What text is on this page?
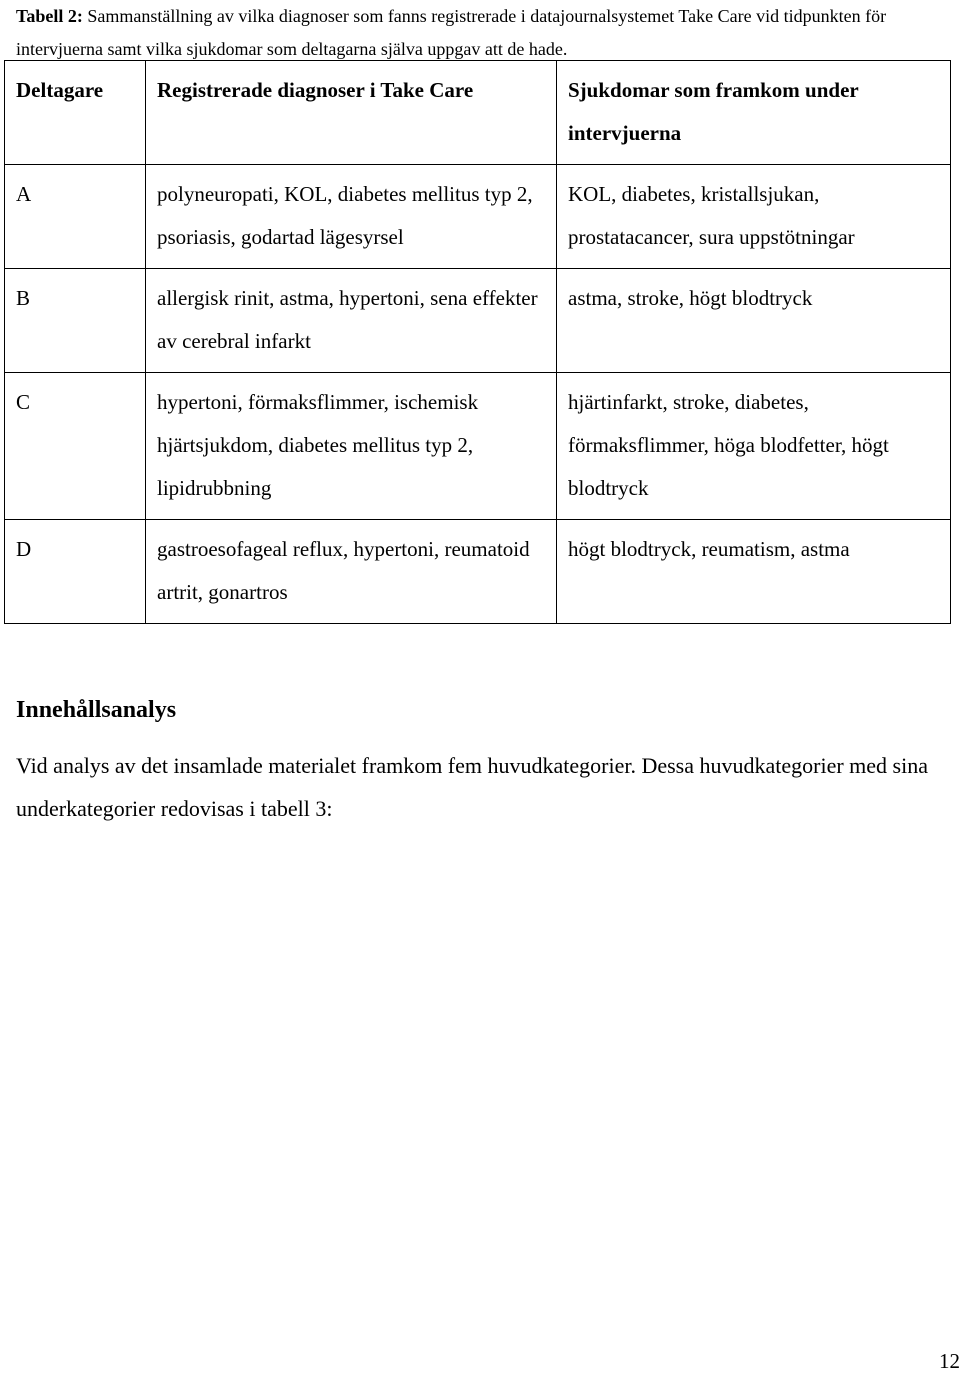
Tabell 2: Sammanställning av vilka diagnoser som fanns registrerade i datajournalsystemet Take Care vid tidpunkten för intervjuerna samt vilka sjukdomar som deltagarna själva uppgav att de hade.
Deltagare	Registrerade diagnoser i Take Care	Sjukdomar som framkom under intervjuerna
A	polyneuropati, KOL, diabetes mellitus typ 2, psoriasis, godartad lägesyrsel	KOL, diabetes, kristallsjukan, prostatacancer, sura uppstötningar
B	allergisk rinit, astma, hypertoni, sena effekter av cerebral infarkt	astma, stroke, högt blodtryck
C	hypertoni, förmaksflimmer, ischemisk hjärtsjukdom, diabetes mellitus typ 2, lipidrubbning	hjärtinfarkt, stroke, diabetes, förmaksflimmer, höga blodfetter, högt blodtryck
D	gastroesofageal reflux, hypertoni, reumatoid artrit, gonartros	högt blodtryck, reumatism, astma
Innehållsanalys

Vid analys av det insamlade materialet framkom fem huvudkategorier. Dessa huvudkategorier med sina underkategorier redovisas i tabell 3:

12
